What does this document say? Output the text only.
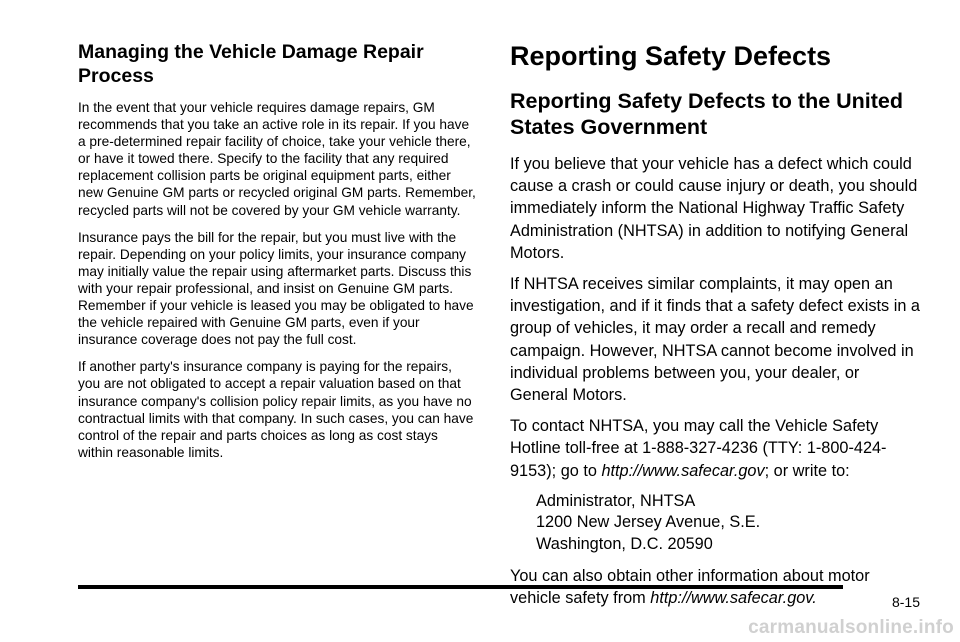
Managing the Vehicle Damage Repair Process

In the event that your vehicle requires damage repairs, GM recommends that you take an active role in its repair. If you have a pre-determined repair facility of choice, take your vehicle there, or have it towed there. Specify to the facility that any required replacement collision parts be original equipment parts, either new Genuine GM parts or recycled original GM parts. Remember, recycled parts will not be covered by your GM vehicle warranty.

Insurance pays the bill for the repair, but you must live with the repair. Depending on your policy limits, your insurance company may initially value the repair using aftermarket parts. Discuss this with your repair professional, and insist on Genuine GM parts. Remember if your vehicle is leased you may be obligated to have the vehicle repaired with Genuine GM parts, even if your insurance coverage does not pay the full cost.

If another party's insurance company is paying for the repairs, you are not obligated to accept a repair valuation based on that insurance company's collision policy repair limits, as you have no contractual limits with that company. In such cases, you can have control of the repair and parts choices as long as cost stays within reasonable limits.

Reporting Safety Defects
Reporting Safety Defects to the United States Government

If you believe that your vehicle has a defect which could cause a crash or could cause injury or death, you should immediately inform the National Highway Traffic Safety Administration (NHTSA) in addition to notifying General Motors.

If NHTSA receives similar complaints, it may open an investigation, and if it finds that a safety defect exists in a group of vehicles, it may order a recall and remedy campaign. However, NHTSA cannot become involved in individual problems between you, your dealer, or General Motors.

To contact NHTSA, you may call the Vehicle Safety Hotline toll-free at 1-888-327-4236 (TTY: 1-800-424-9153); go to http://www.safecar.gov; or write to:

Administrator, NHTSA
1200 New Jersey Avenue, S.E.
Washington, D.C. 20590

You can also obtain other information about motor vehicle safety from http://www.safecar.gov.	8-15
carmanualsonline.info
